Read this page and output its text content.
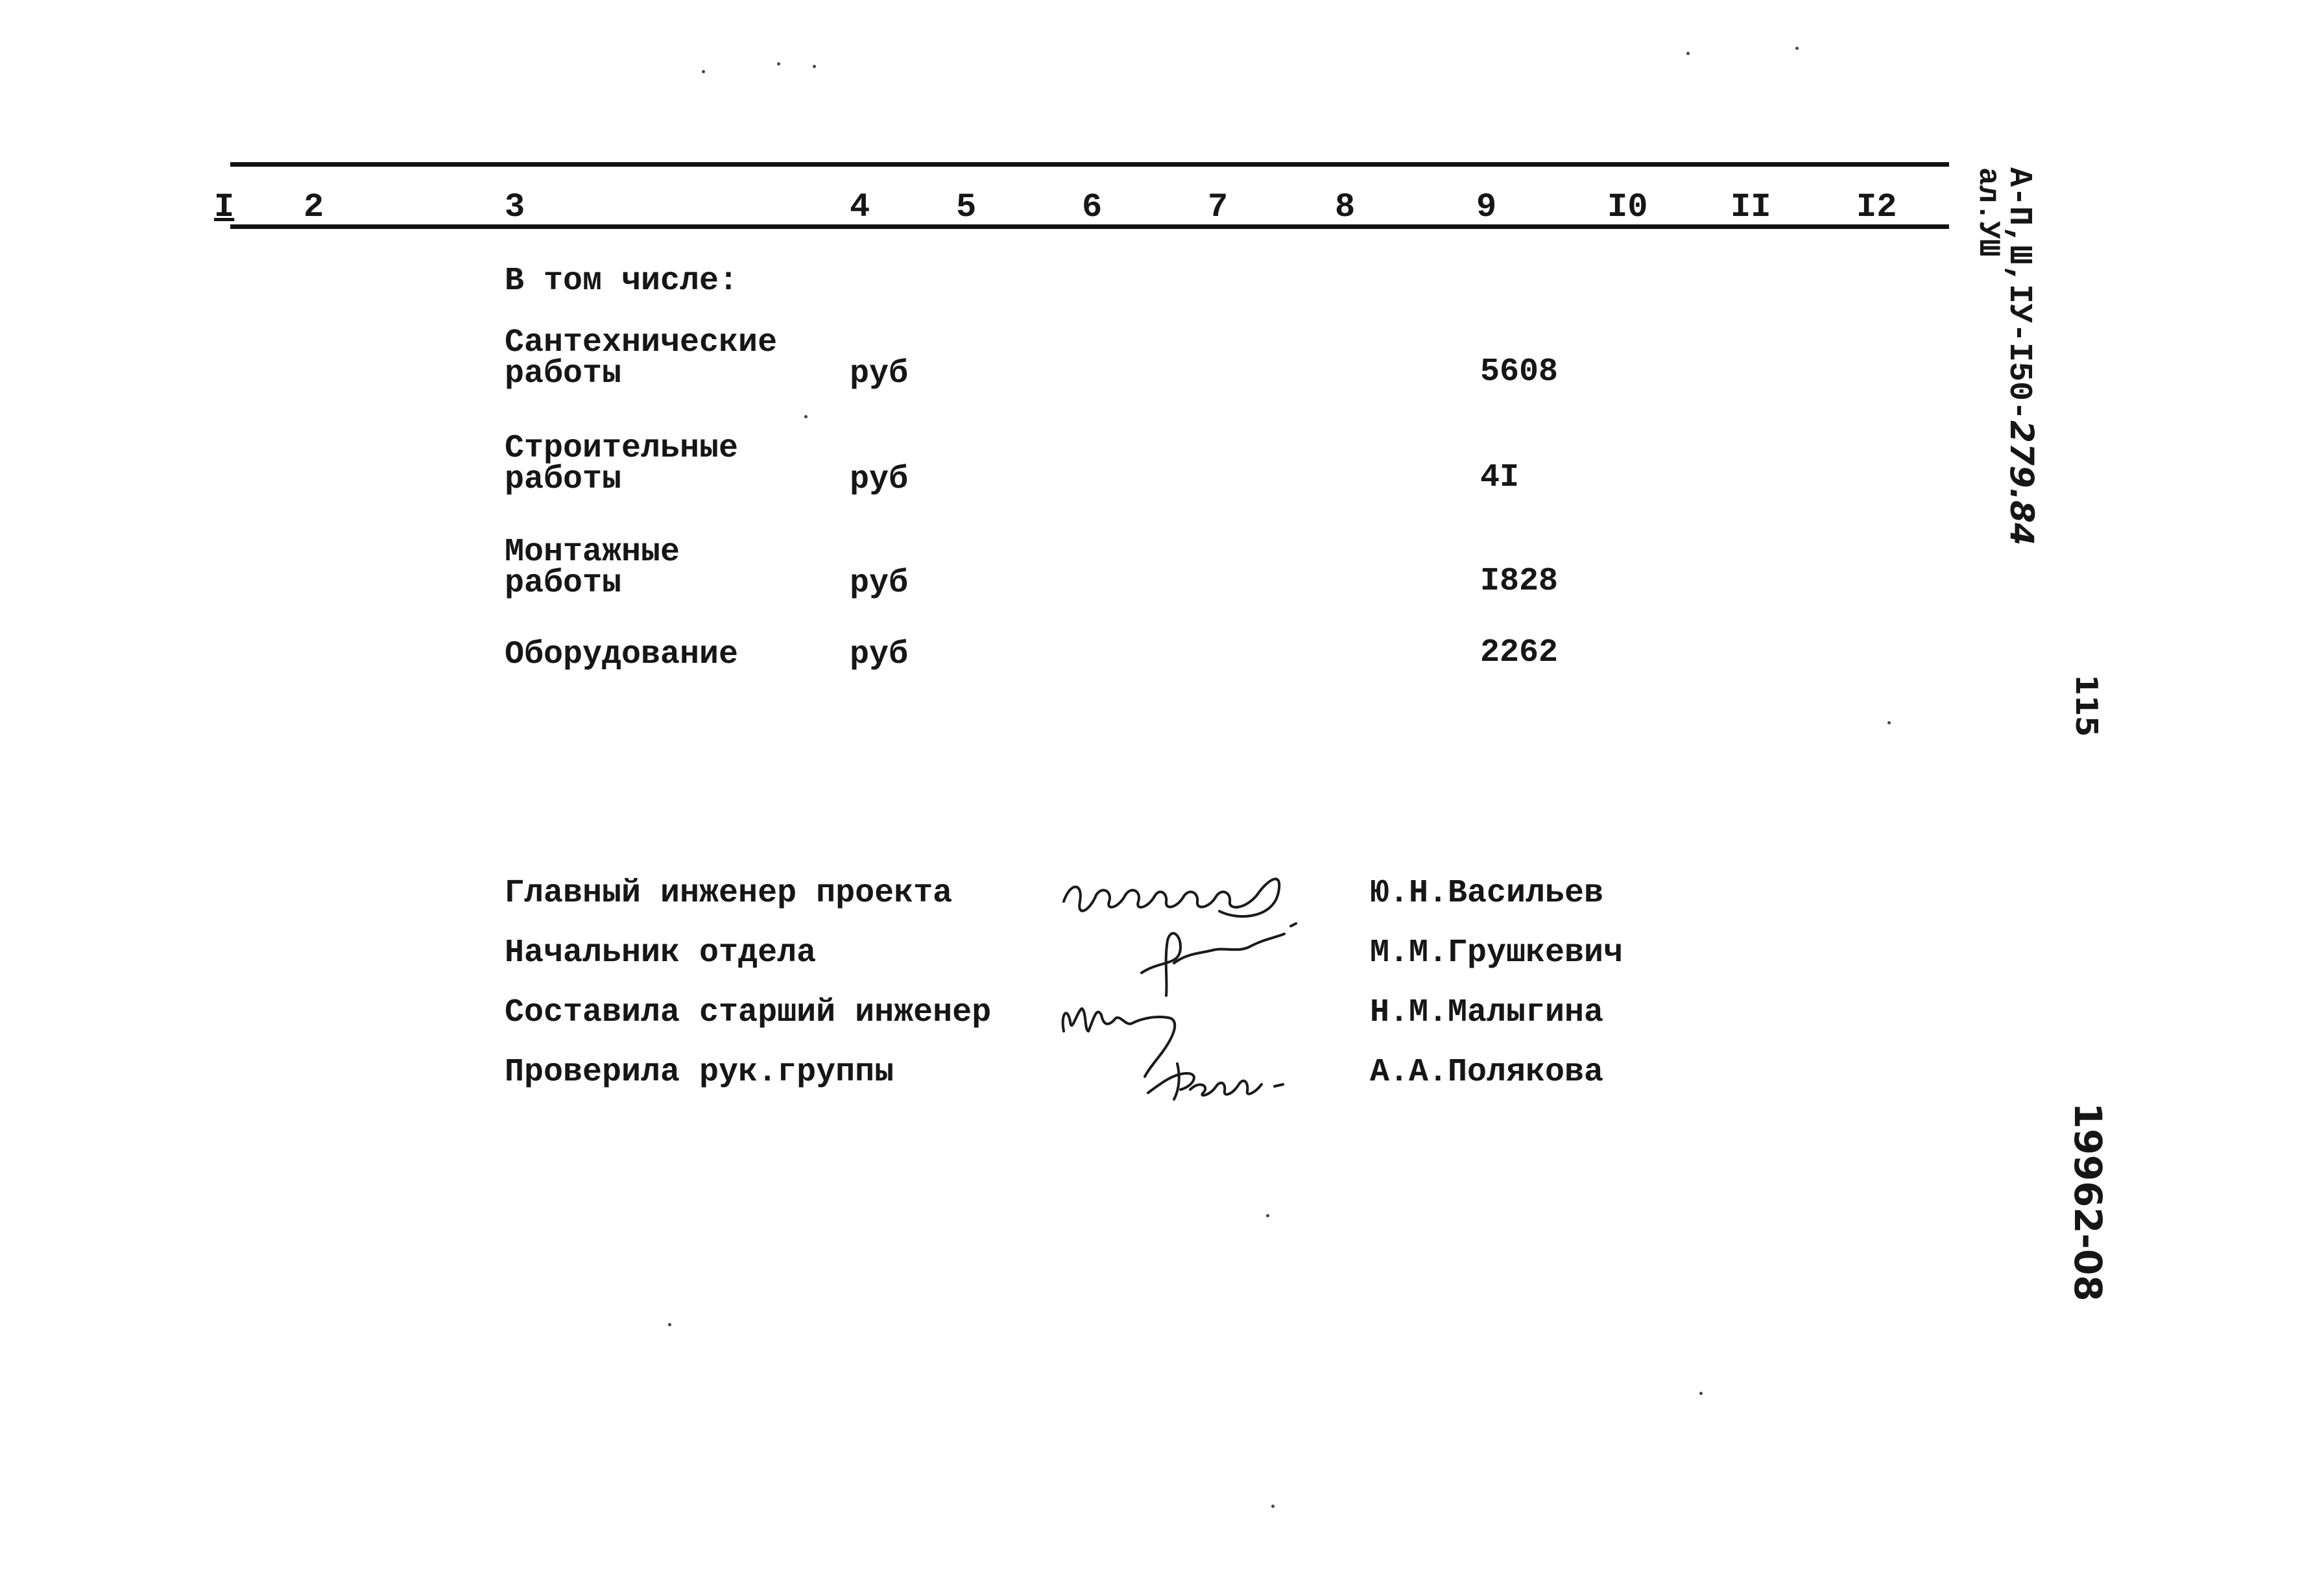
I 2	3	4	5	6	7	8	9	I0 II	I2
В том числе:
Сантехнические
работы	руб	5608
Строительные
работы	руб	4I
Монтажные
работы	руб	I828
Оборудование	руб	2262
Главный инженер проекта	Ю.Н.Васильев
Начальник отдела	М.М.Грушкевич
Составила старший инженер	Н.М.Малыгина
Проверила рук.группы	А.А.Полякова
А-П,Ш,IУ-I50-279.84
ал.УШ
115
19962-08
